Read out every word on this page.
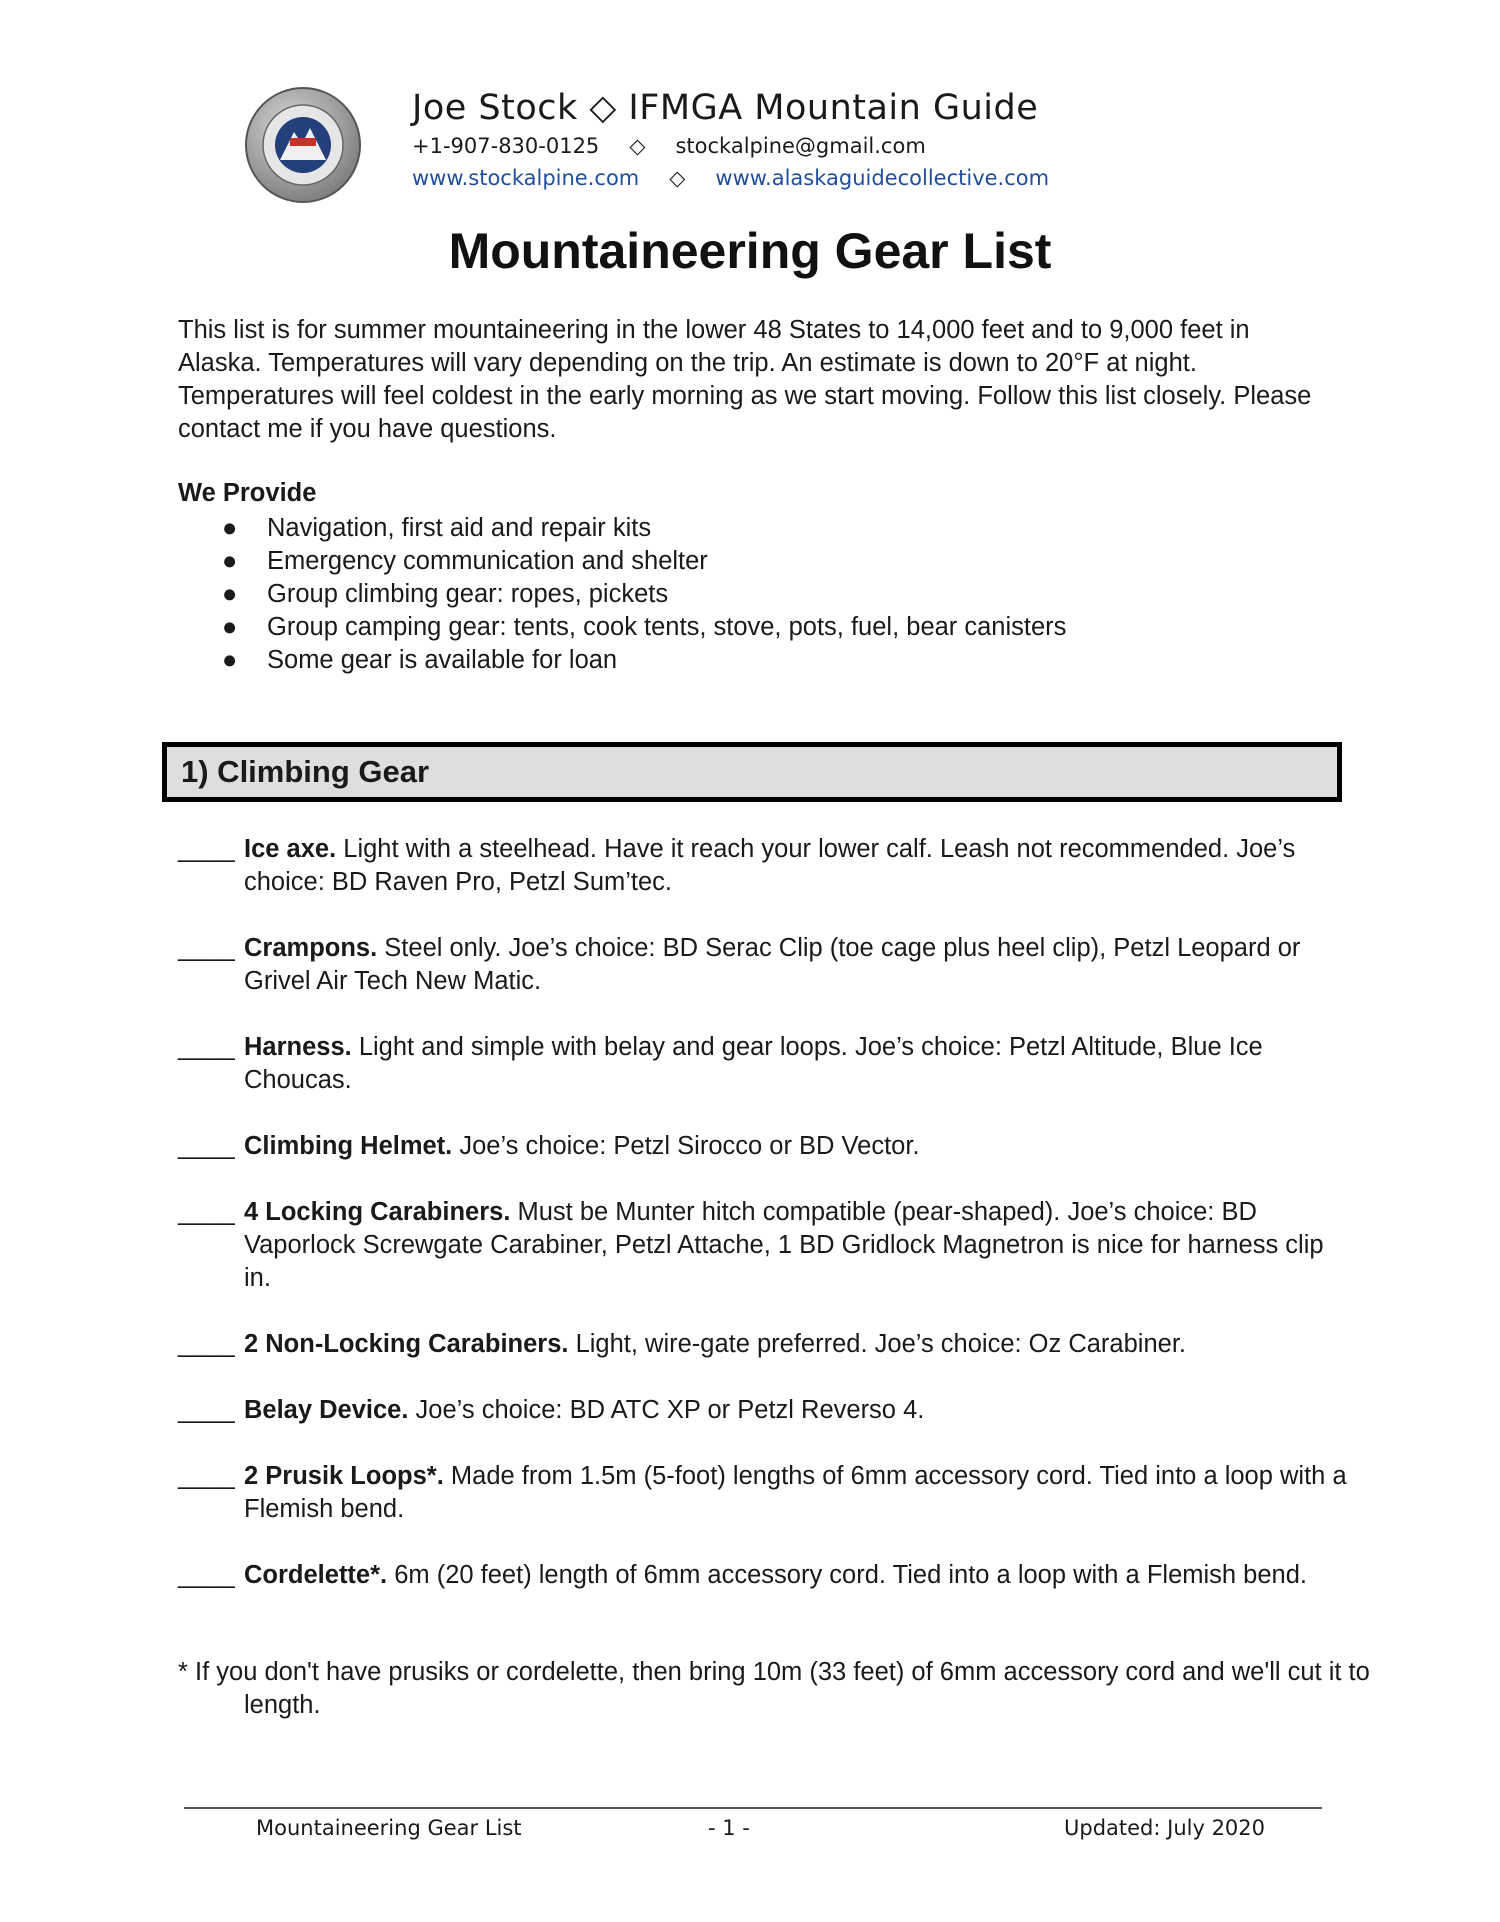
Joe Stock ◇ IFMGA Mountain Guide
+1-907-830-0125 ◇ stockalpine@gmail.com
www.stockalpine.com ◇ www.alaskaguidecollective.com
Mountaineering Gear List
This list is for summer mountaineering in the lower 48 States to 14,000 feet and to 9,000 feet in Alaska. Temperatures will vary depending on the trip. An estimate is down to 20°F at night. Temperatures will feel coldest in the early morning as we start moving. Follow this list closely. Please contact me if you have questions.
We Provide
● Navigation, first aid and repair kits
● Emergency communication and shelter
● Group climbing gear: ropes, pickets
● Group camping gear: tents, cook tents, stove, pots, fuel, bear canisters
● Some gear is available for loan
1) Climbing Gear
____ Ice axe. Light with a steelhead. Have it reach your lower calf. Leash not recommended. Joe’s choice: BD Raven Pro, Petzl Sum’tec.
____ Crampons. Steel only. Joe’s choice: BD Serac Clip (toe cage plus heel clip), Petzl Leopard or Grivel Air Tech New Matic.
____ Harness. Light and simple with belay and gear loops. Joe’s choice: Petzl Altitude, Blue Ice Choucas.
____ Climbing Helmet. Joe’s choice: Petzl Sirocco or BD Vector.
____ 4 Locking Carabiners. Must be Munter hitch compatible (pear-shaped). Joe’s choice: BD Vaporlock Screwgate Carabiner, Petzl Attache, 1 BD Gridlock Magnetron is nice for harness clip in.
____ 2 Non-Locking Carabiners. Light, wire-gate preferred. Joe’s choice: Oz Carabiner.
____ Belay Device. Joe’s choice: BD ATC XP or Petzl Reverso 4.
____ 2 Prusik Loops*. Made from 1.5m (5-foot) lengths of 6mm accessory cord. Tied into a loop with a Flemish bend.
____ Cordelette*. 6m (20 feet) length of 6mm accessory cord. Tied into a loop with a Flemish bend.
* If you don't have prusiks or cordelette, then bring 10m (33 feet) of 6mm accessory cord and we'll cut it to length.
Mountaineering Gear List	- 1 -	Updated: July 2020
